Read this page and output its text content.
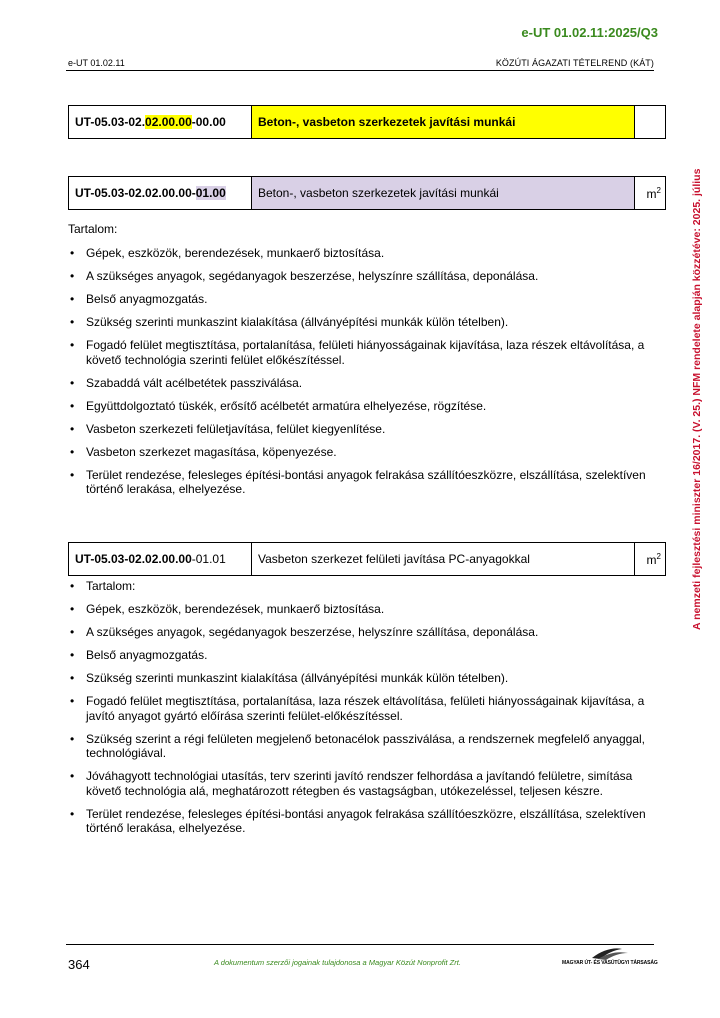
e-UT 01.02.11:2025/Q3
e-UT 01.02.11	KÖZÚTI ÁGAZATI TÉTELREND (KÁT)
A nemzeti fejlesztési miniszter 16/2017. (V. 25.) NFM rendelete alapján közzétéve: 2025. július
UT-05.03-02.02.00.00-00.00	Beton-, vasbeton szerkezetek javítási munkái	
UT-05.03-02.02.00.00-01.00	Beton-, vasbeton szerkezetek javítási munkái	$m^2$
Tartalom:
• Gépek, eszközök, berendezések, munkaerő biztosítása.
• A szükséges anyagok, segédanyagok beszerzése, helyszínre szállítása, deponálása.
• Belső anyagmozgatás.
• Szükség szerinti munkaszint kialakítása (állványépítési munkák külön tételben).
• Fogadó felület megtisztítása, portalanítása, felületi hiányosságainak kijavítása, laza részek eltávolítása, a követő technológia szerinti felület előkészítéssel.
• Szabaddá vált acélbetétek passziválása.
• Együttdolgoztató tüskék, erősítő acélbetét armatúra elhelyezése, rögzítése.
• Vasbeton szerkezeti felületjavítása, felület kiegyenlítése.
• Vasbeton szerkezet magasítása, köpenyezése.
• Terület rendezése, felesleges építési-bontási anyagok felrakása szállítóeszközre, elszállítása, szelektíven történő lerakása, elhelyezése.
UT-05.03-02.02.00.00-01.01	Vasbeton szerkezet felületi javítása PC-anyagokkal	$m^2$
• Tartalom:
• Gépek, eszközök, berendezések, munkaerő biztosítása.
• A szükséges anyagok, segédanyagok beszerzése, helyszínre szállítása, deponálása.
• Belső anyagmozgatás.
• Szükség szerinti munkaszint kialakítása (állványépítési munkák külön tételben).
• Fogadó felület megtisztítása, portalanítása, laza részek eltávolítása, felületi hiányosságainak kijavítása, a javító anyagot gyártó előírása szerinti felület-előkészítéssel.
• Szükség szerint a régi felületen megjelenő betonacélok passziválása, a rendszernek megfelelő anyaggal, technológiával.
• Jóváhagyott technológiai utasítás, terv szerinti javító rendszer felhordása a javítandó felületre, simítása követő technológia alá, meghatározott rétegben és vastagságban, utókezeléssel, teljesen készre.
• Terület rendezése, felesleges építési-bontási anyagok felrakása szállítóeszközre, elszállítása, szelektíven történő lerakása, elhelyezése.
364	A dokumentum szerzői jogainak tulajdonosa a Magyar Közút Nonprofit Zrt.	MAGYAR ÚT- ÉS VASÚTÜGYI TÁRSASÁG
